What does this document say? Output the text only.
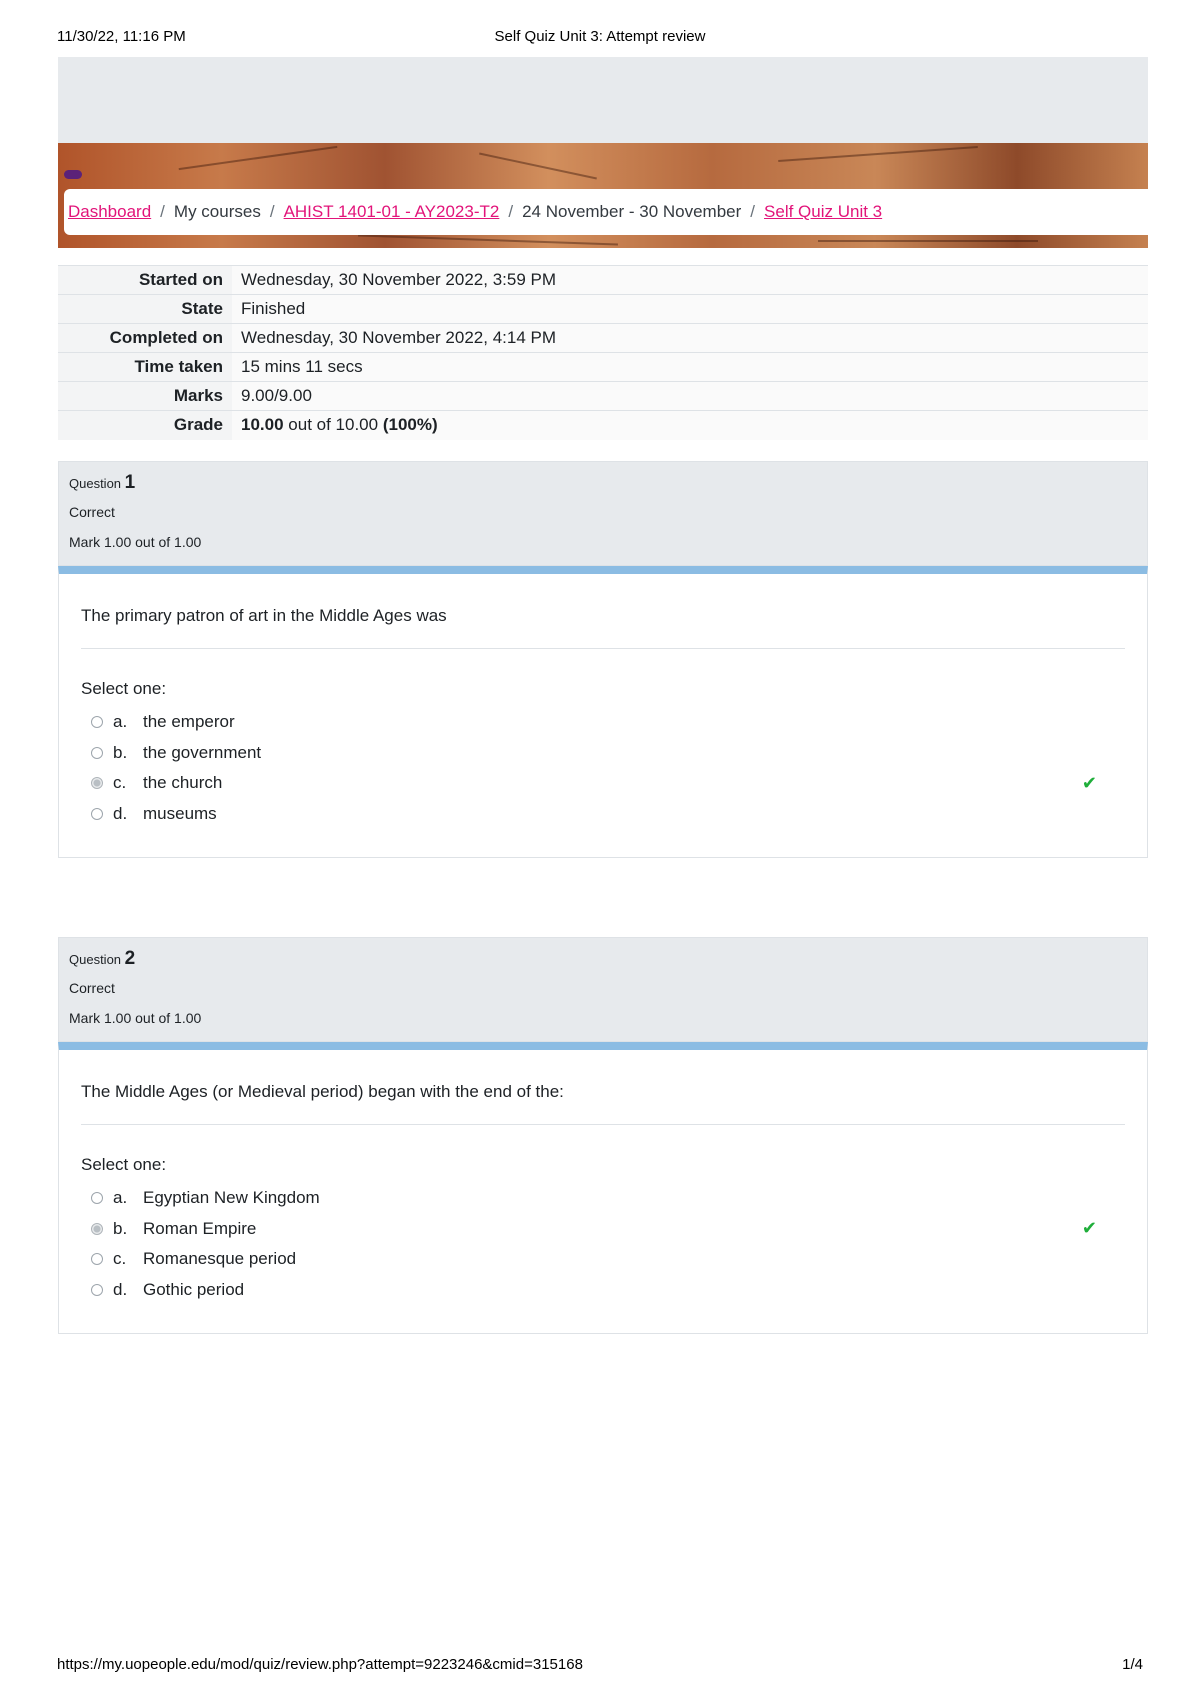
11/30/22, 11:16 PM	Self Quiz Unit 3: Attempt review
Dashboard / My courses / AHIST 1401-01 - AY2023-T2 / 24 November - 30 November / Self Quiz Unit 3
Started on	Wednesday, 30 November 2022, 3:59 PM
State	Finished
Completed on	Wednesday, 30 November 2022, 4:14 PM
Time taken	15 mins 11 secs
Marks	9.00/9.00
Grade	10.00 out of 10.00 (100%)
Question 1
Correct
Mark 1.00 out of 1.00
The primary patron of art in the Middle Ages was
Select one:
a. the emperor
b. the government
c. the church	✔
d. museums
Question 2
Correct
Mark 1.00 out of 1.00
The Middle Ages (or Medieval period) began with the end of the:
Select one:
a. Egyptian New Kingdom
b. Roman Empire	✔
c. Romanesque period
d. Gothic period
https://my.uopeople.edu/mod/quiz/review.php?attempt=9223246&cmid=315168	1/4
